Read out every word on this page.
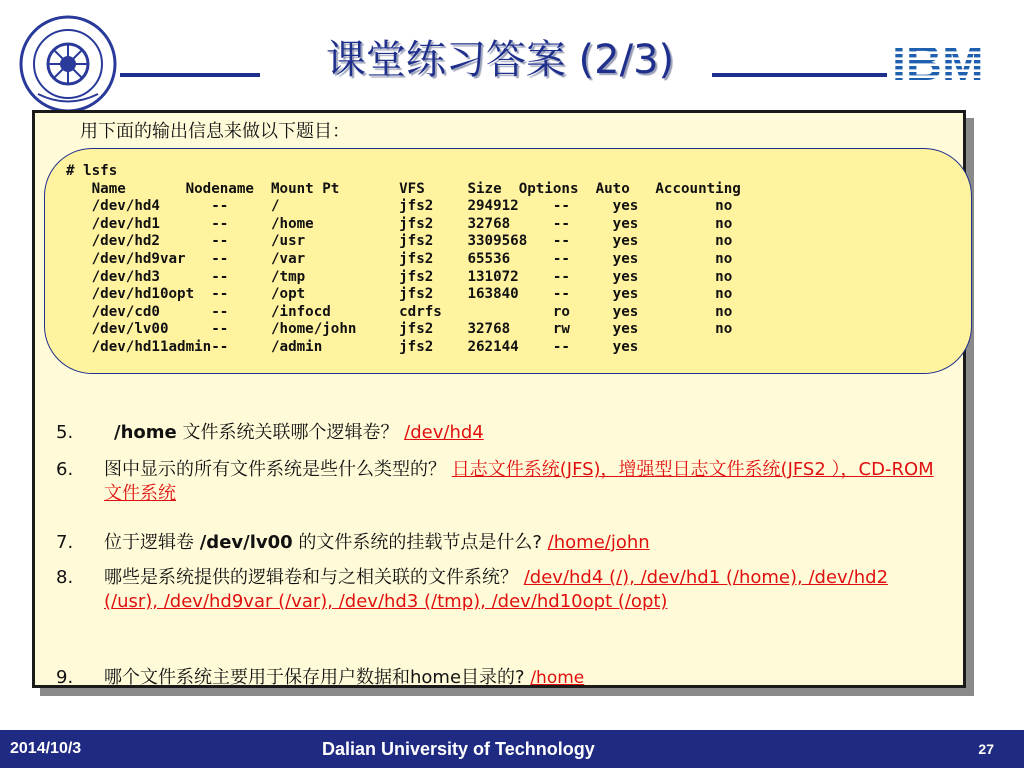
课堂练习答案 (2/3)	IBM
用下面的输出信息来做以下题目：
# lsfs
Name       Nodename  Mount Pt       VFS     Size  Options  Auto   Accounting
/dev/hd4      --     /              jfs2    294912    --     yes         no
/dev/hd1      --     /home          jfs2    32768     --     yes         no
/dev/hd2      --     /usr           jfs2    3309568   --     yes         no
/dev/hd9var   --     /var           jfs2    65536     --     yes         no
/dev/hd3      --     /tmp           jfs2    131072    --     yes         no
/dev/hd10opt  --     /opt           jfs2    163840    --     yes         no
/dev/cd0      --     /infocd        cdrfs             ro     yes         no
/dev/lv00     --     /home/john     jfs2    32768     rw     yes         no
/dev/hd11admin--     /admin         jfs2    262144    --     yes
5. /home 文件系统关联哪个逻辑卷？ /dev/hd4
6. 图中显示的所有文件系统是些什么类型的？ 日志文件系统(JFS)，增强型日志文件系统(JFS2 ），CD-ROM文件系统
7. 位于逻辑卷 /dev/lv00 的文件系统的挂载节点是什么? /home/john
8. 哪些是系统提供的逻辑卷和与之相关联的文件系统？ /dev/hd4 (/), /dev/hd1 (/home), /dev/hd2 (/usr), /dev/hd9var (/var), /dev/hd3 (/tmp), /dev/hd10opt (/opt)
9. 哪个文件系统主要用于保存用户数据和home目录的? /home
2014/10/3	Dalian University of Technology	27
